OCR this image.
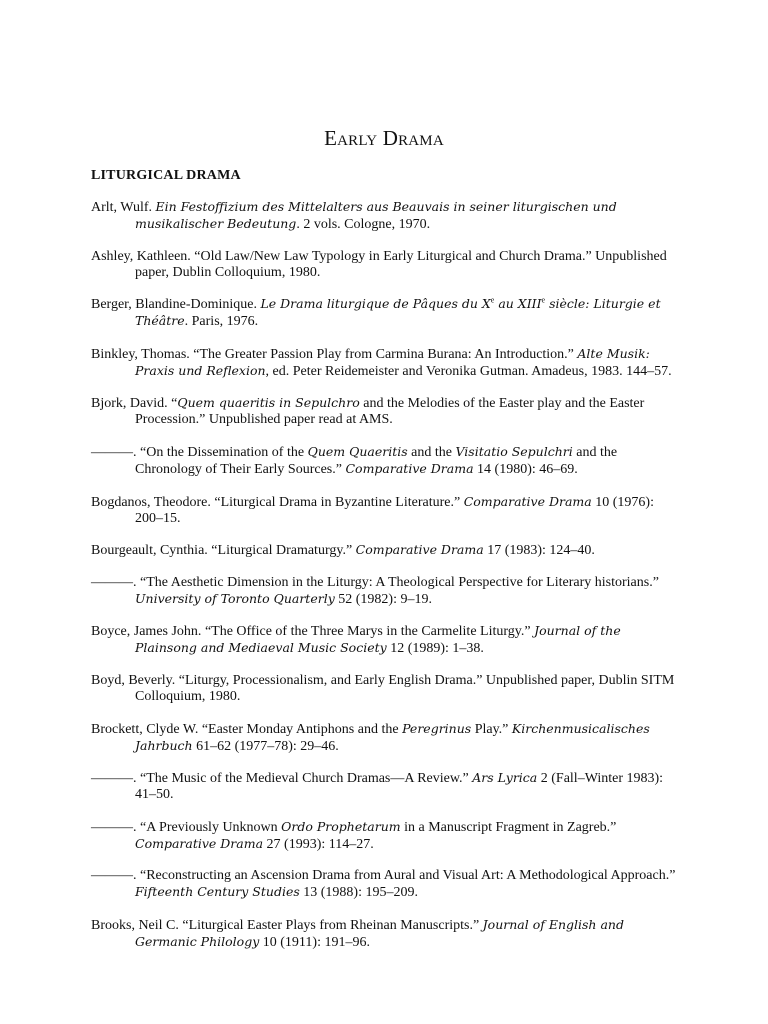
Early Drama
LITURGICAL DRAMA

Arlt, Wulf. Ein Festoffizium des Mittelalters aus Beauvais in seiner liturgischen und musikalischer Bedeutung. 2 vols. Cologne, 1970.

Ashley, Kathleen. “Old Law/New Law Typology in Early Liturgical and Church Drama.” Unpublished paper, Dublin Colloquium, 1980.

Berger, Blandine-Dominique. Le Drama liturgique de Pâques du Xe au XIIIe siècle: Liturgie et Théâtre. Paris, 1976.

Binkley, Thomas. “The Greater Passion Play from Carmina Burana: An Introduction.” Alte Musik: Praxis und Reflexion, ed. Peter Reidemeister and Veronika Gutman. Amadeus, 1983. 144–57.

Bjork, David. “Quem quaeritis in Sepulchro and the Melodies of the Easter play and the Easter Procession.” Unpublished paper read at AMS.

———. “On the Dissemination of the Quem Quaeritis and the Visitatio Sepulchri and the Chronology of Their Early Sources.” Comparative Drama 14 (1980): 46–69.

Bogdanos, Theodore. “Liturgical Drama in Byzantine Literature.” Comparative Drama 10 (1976): 200–15.

Bourgeault, Cynthia. “Liturgical Dramaturgy.” Comparative Drama 17 (1983): 124–40.

———. “The Aesthetic Dimension in the Liturgy: A Theological Perspective for Literary historians.” University of Toronto Quarterly 52 (1982): 9–19.

Boyce, James John. “The Office of the Three Marys in the Carmelite Liturgy.” Journal of the Plainsong and Mediaeval Music Society 12 (1989): 1–38.

Boyd, Beverly. “Liturgy, Processionalism, and Early English Drama.” Unpublished paper, Dublin SITM Colloquium, 1980.

Brockett, Clyde W. “Easter Monday Antiphons and the Peregrinus Play.” Kirchenmusicalisches Jahrbuch 61–62 (1977–78): 29–46.

———. “The Music of the Medieval Church Dramas—A Review.” Ars Lyrica 2 (Fall–Winter 1983): 41–50.

———. “A Previously Unknown Ordo Prophetarum in a Manuscript Fragment in Zagreb.” Comparative Drama 27 (1993): 114–27.

———. “Reconstructing an Ascension Drama from Aural and Visual Art: A Methodological Approach.” Fifteenth Century Studies 13 (1988): 195–209.

Brooks, Neil C. “Liturgical Easter Plays from Rheinan Manuscripts.” Journal of English and Germanic Philology 10 (1911): 191–96.
